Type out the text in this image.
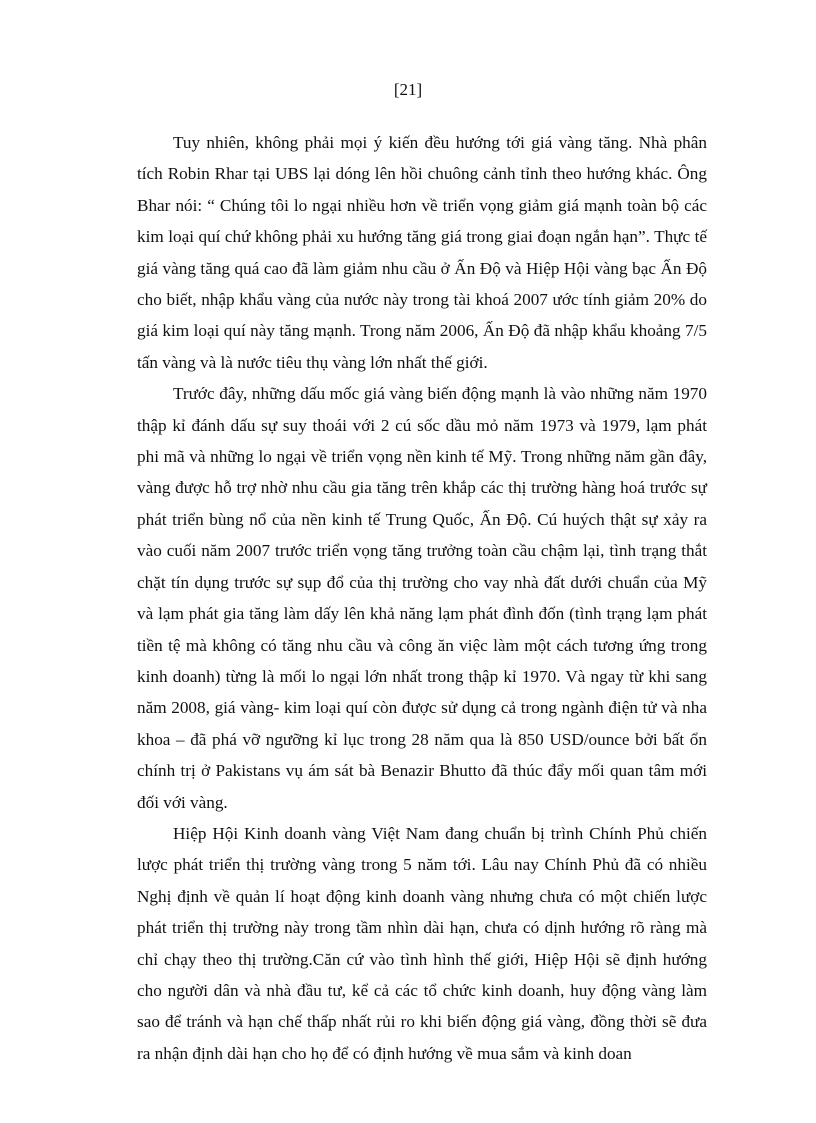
[21]

Tuy nhiên, không phải mọi ý kiến đều hướng tới giá vàng tăng. Nhà phân tích Robin Rhar tại UBS lại dóng lên hồi chuông cảnh tỉnh theo hướng khác. Ông Bhar nói: “ Chúng tôi lo ngại nhiều hơn về triển vọng giảm giá mạnh toàn bộ các kim loại quí chứ không phải xu hướng tăng giá trong giai đoạn ngắn hạn”. Thực tế giá vàng tăng quá cao đã làm giảm nhu cầu ở Ấn Độ và Hiệp Hội vàng bạc Ấn Độ cho biết, nhập khẩu vàng của nước này trong tài khoá 2007 ước tính giảm 20% do giá kim loại quí này tăng mạnh. Trong năm 2006, Ấn Độ đã nhập khẩu khoảng 7/5 tấn vàng và là nước tiêu thụ vàng lớn nhất thế giới.

Trước đây, những dấu mốc giá vàng biến động mạnh là vào những năm 1970 thập kỉ đánh dấu sự suy thoái với 2 cú sốc dầu mỏ năm 1973 và 1979, lạm phát phi mã và những lo ngại về triển vọng nền kinh tế Mỹ. Trong những năm gần đây, vàng được hỗ trợ nhờ nhu cầu gia tăng trên khắp các thị trường hàng hoá trước sự phát triển bùng nổ của nền kinh tế Trung Quốc, Ấn Độ. Cú huých thật sự xảy ra vào cuối năm 2007 trước triển vọng tăng trưởng toàn cầu chậm lại, tình trạng thắt chặt tín dụng trước sự sụp đổ của thị trường cho vay nhà đất dưới chuẩn của Mỹ và lạm phát gia tăng làm dấy lên khả năng lạm phát đình đốn (tình trạng lạm phát tiền tệ mà không có tăng nhu cầu và công ăn việc làm một cách tương ứng trong kinh doanh) từng là mối lo ngại lớn nhất trong thập kỉ 1970. Và ngay từ khi sang năm 2008, giá vàng- kim loại quí còn được sử dụng cả trong ngành điện tử và nha khoa – đã phá vỡ ngưỡng kỉ lục trong 28 năm qua là 850 USD/ounce bởi bất ổn chính trị ở Pakistans vụ ám sát bà Benazir Bhutto đã thúc đẩy mối quan tâm mới đối với vàng.

Hiệp Hội Kinh doanh vàng Việt Nam đang chuẩn bị trình Chính Phủ chiến lược phát triển thị trường vàng trong 5 năm tới. Lâu nay Chính Phủ đã có nhiều Nghị định về quản lí hoạt động kinh doanh vàng nhưng chưa có một chiến lược phát triển thị trường này trong tầm nhìn dài hạn, chưa có dịnh hướng rõ ràng mà chỉ chạy theo thị trường.Căn cứ vào tình hình thế giới, Hiệp Hội sẽ định hướng cho người dân và nhà đầu tư, kể cả các tổ chức kinh doanh, huy động vàng làm sao để tránh và hạn chế thấp nhất rủi ro khi biến động giá vàng, đồng thời sẽ đưa ra nhận định dài hạn cho họ để có định hướng về mua sắm và kinh doan
